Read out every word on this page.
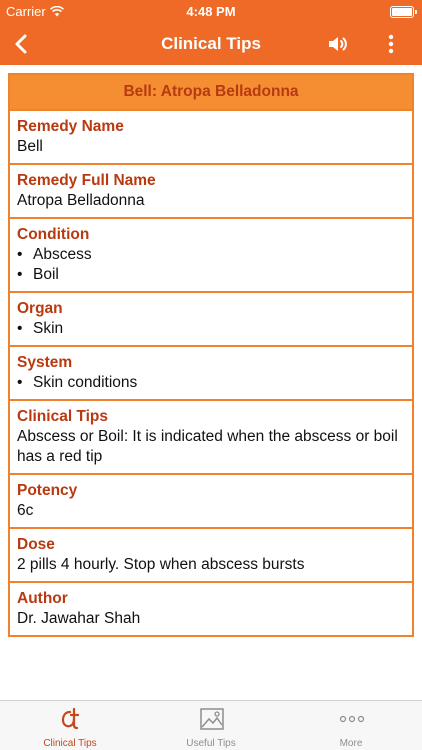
Carrier	4:48 PM
Clinical Tips
Bell: Atropa Belladonna
Remedy Name
Bell
Remedy Full Name
Atropa Belladonna
Condition
• Abscess
• Boil
Organ
• Skin
System
• Skin conditions
Clinical Tips
Abscess or Boil: It is indicated when the abscess or boil has a red tip
Potency
6c
Dose
2 pills 4 hourly. Stop when abscess bursts
Author
Dr. Jawahar Shah
Clinical Tips	Useful Tips	More
